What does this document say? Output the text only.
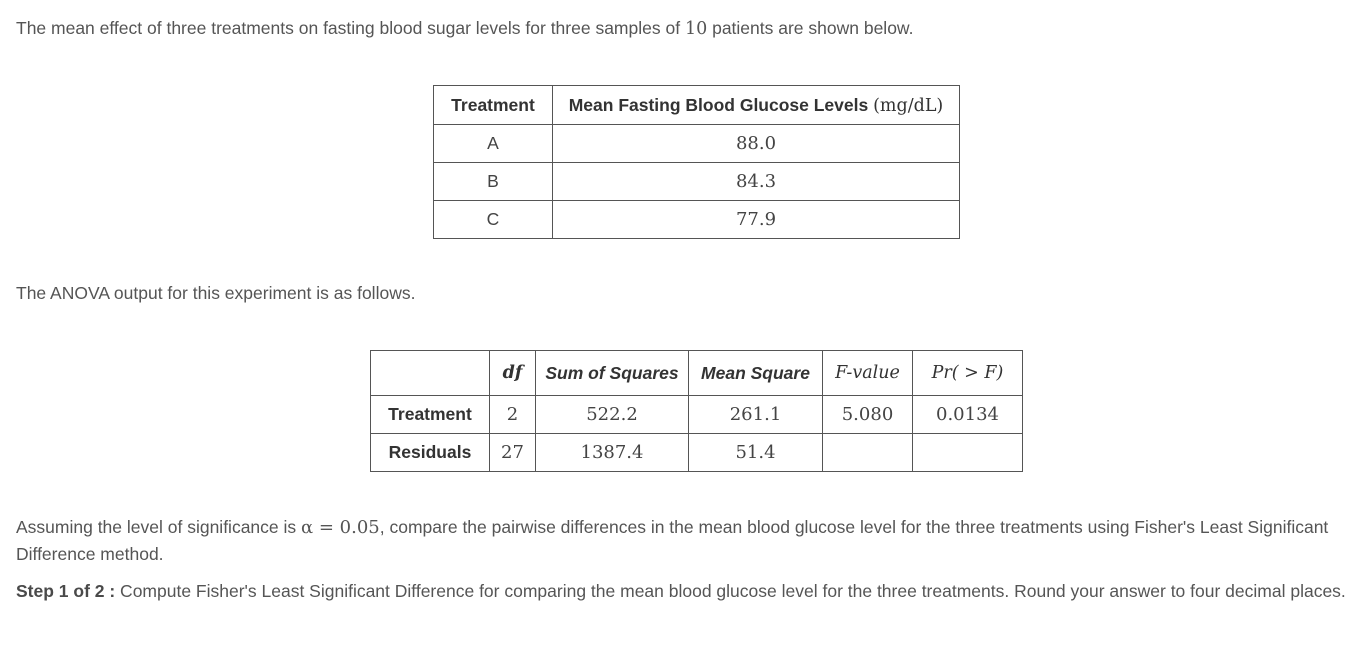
The mean effect of three treatments on fasting blood sugar levels for three samples of 10 patients are shown below.
Treatment	Mean Fasting Blood Glucose Levels (mg/dL)
A	88.0
B	84.3
C	77.9
The ANOVA output for this experiment is as follows.
	df	Sum of Squares	Mean Square	F-value	Pr( > F)
Treatment	2	522.2	261.1	5.080	0.0134
Residuals	27	1387.4	51.4		
Assuming the level of significance is α = 0.05, compare the pairwise differences in the mean blood glucose level for the three treatments using Fisher's Least Significant Difference method.
Step 1 of 2 : Compute Fisher's Least Significant Difference for comparing the mean blood glucose level for the three treatments. Round your answer to four decimal places.
